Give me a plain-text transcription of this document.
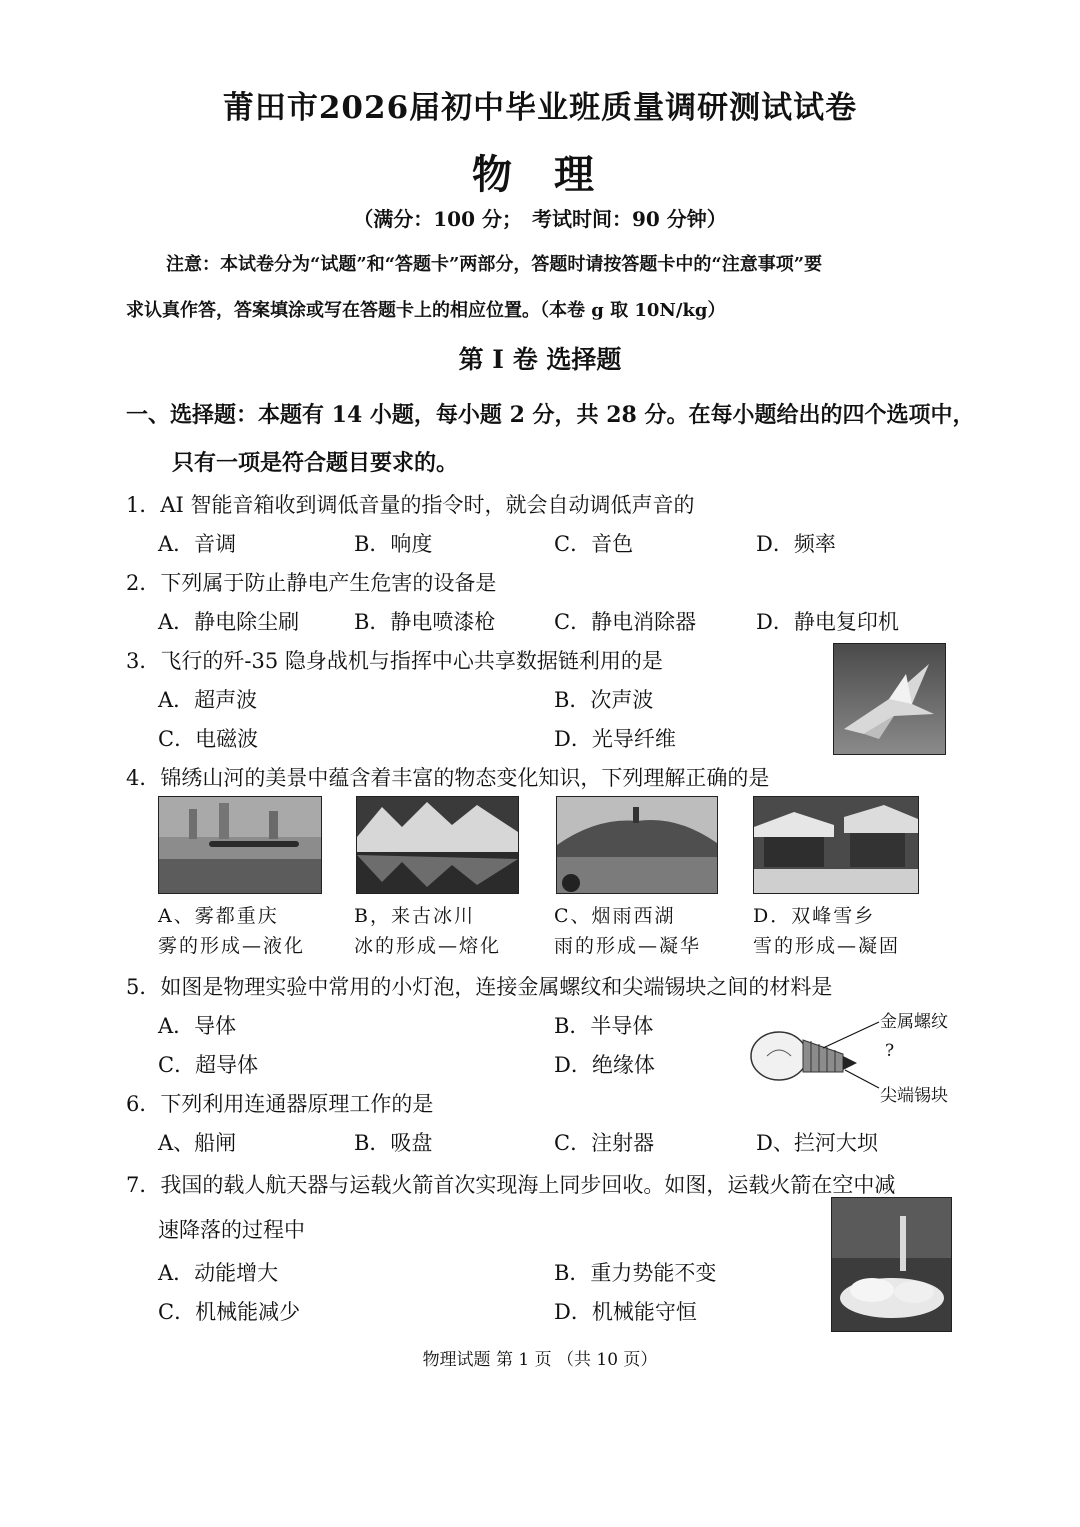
莆田市2026届初中毕业班质量调研测试试卷
物 理
（满分：100 分；　考试时间：90 分钟）
注意：本试卷分为“试题”和“答题卡”两部分，答题时请按答题卡中的“注意事项”要
求认真作答，答案填涂或写在答题卡上的相应位置。（本卷 g 取 10N/kg）
第 I 卷 选择题
一、选择题：本题有 14 小题，每小题 2 分，共 28 分。在每小题给出的四个选项中，
只有一项是符合题目要求的。
1．AI 智能音箱收到调低音量的指令时，就会自动调低声音的
A．音调	B．响度	C．音色	D．频率
2．下列属于防止静电产生危害的设备是
A．静电除尘刷	B．静电喷漆枪	C．静电消除器	D．静电复印机
3．飞行的歼-35 隐身战机与指挥中心共享数据链利用的是
A．超声波	B．次声波
C．电磁波	D．光导纤维
4．锦绣山河的美景中蕴含着丰富的物态变化知识，下列理解正确的是
A、雾都重庆
雾的形成—液化
B，来古冰川
冰的形成—熔化
C、烟雨西湖
雨的形成—凝华
D．双峰雪乡
雪的形成—凝固
5．如图是物理实验中常用的小灯泡，连接金属螺纹和尖端锡块之间的材料是
A．导体	B．半导体
C．超导体	D．绝缘体
金属螺纹
?
尖端锡块
6．下列利用连通器原理工作的是
A、船闸	B．吸盘	C．注射器	D、拦河大坝
7．我国的载人航天器与运载火箭首次实现海上同步回收。如图，运载火箭在空中减
速降落的过程中
A．动能增大	B．重力势能不变
C．机械能减少	D．机械能守恒
物理试题 第 1 页 （共 10 页）
